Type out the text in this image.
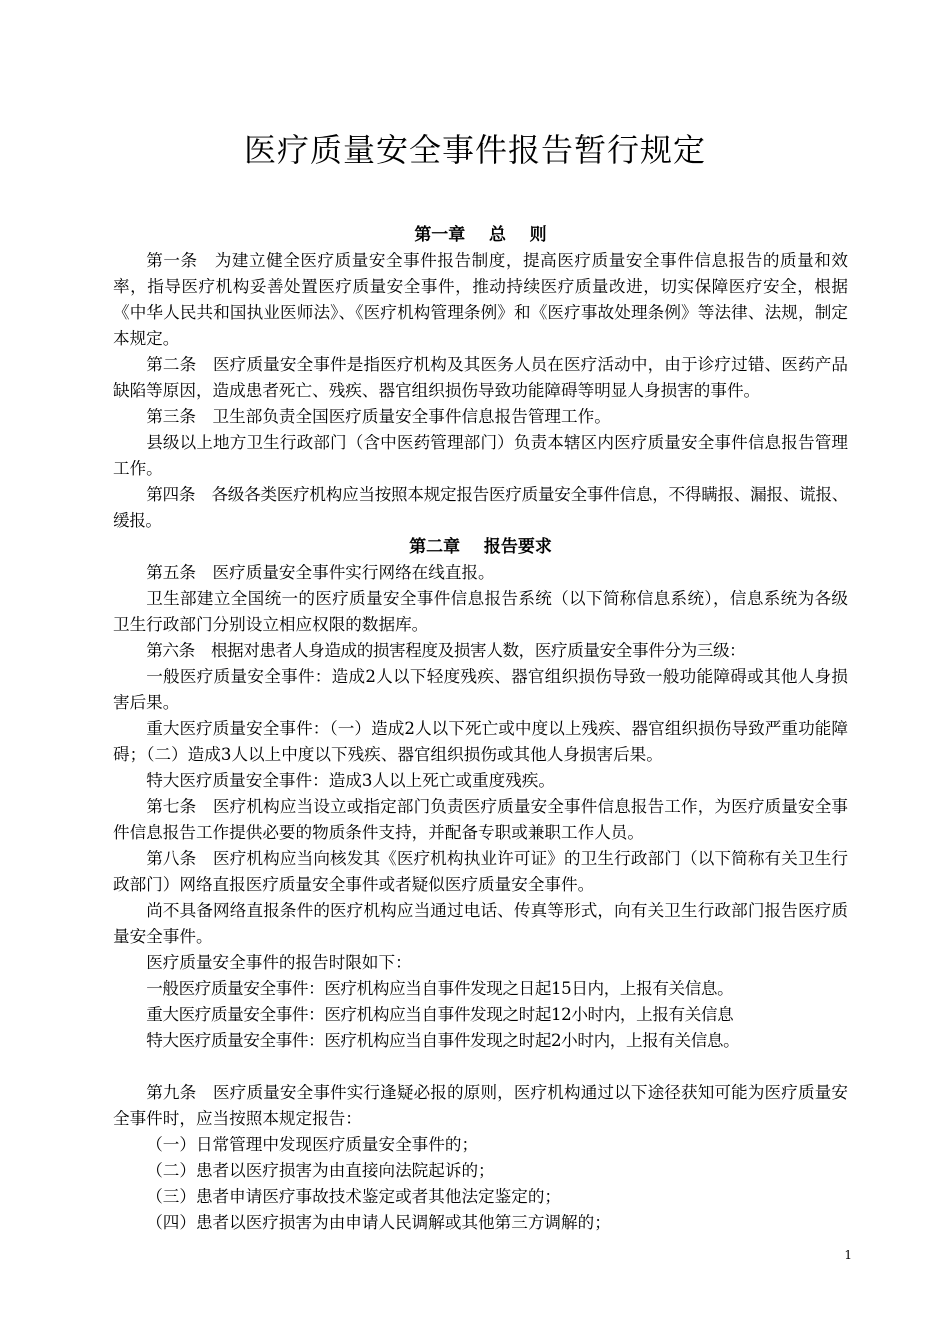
医疗质量安全事件报告暂行规定
第一章    总    则

第一条　为建立健全医疗质量安全事件报告制度，提高医疗质量安全事件信息报告的质量和效率，指导医疗机构妥善处置医疗质量安全事件，推动持续医疗质量改进，切实保障医疗安全，根据《中华人民共和国执业医师法》、《医疗机构管理条例》和《医疗事故处理条例》等法律、法规，制定本规定。

第二条　医疗质量安全事件是指医疗机构及其医务人员在医疗活动中，由于诊疗过错、医药产品缺陷等原因，造成患者死亡、残疾、器官组织损伤导致功能障碍等明显人身损害的事件。

第三条　卫生部负责全国医疗质量安全事件信息报告管理工作。

县级以上地方卫生行政部门（含中医药管理部门）负责本辖区内医疗质量安全事件信息报告管理工作。

第四条　各级各类医疗机构应当按照本规定报告医疗质量安全事件信息，不得瞒报、漏报、谎报、缓报。

第二章    报告要求

第五条　医疗质量安全事件实行网络在线直报。

卫生部建立全国统一的医疗质量安全事件信息报告系统（以下简称信息系统），信息系统为各级卫生行政部门分别设立相应权限的数据库。

第六条　根据对患者人身造成的损害程度及损害人数，医疗质量安全事件分为三级：

一般医疗质量安全事件：造成2人以下轻度残疾、器官组织损伤导致一般功能障碍或其他人身损害后果。

重大医疗质量安全事件：（一）造成2人以下死亡或中度以上残疾、器官组织损伤导致严重功能障碍；（二）造成3人以上中度以下残疾、器官组织损伤或其他人身损害后果。

特大医疗质量安全事件：造成3人以上死亡或重度残疾。

第七条　医疗机构应当设立或指定部门负责医疗质量安全事件信息报告工作，为医疗质量安全事件信息报告工作提供必要的物质条件支持，并配备专职或兼职工作人员。

第八条　医疗机构应当向核发其《医疗机构执业许可证》的卫生行政部门（以下简称有关卫生行政部门）网络直报医疗质量安全事件或者疑似医疗质量安全事件。

尚不具备网络直报条件的医疗机构应当通过电话、传真等形式，向有关卫生行政部门报告医疗质量安全事件。

医疗质量安全事件的报告时限如下：

一般医疗质量安全事件：医疗机构应当自事件发现之日起15日内，上报有关信息。

重大医疗质量安全事件：医疗机构应当自事件发现之时起12小时内，上报有关信息

特大医疗质量安全事件：医疗机构应当自事件发现之时起2小时内，上报有关信息。

第九条　医疗质量安全事件实行逢疑必报的原则，医疗机构通过以下途径获知可能为医疗质量安全事件时，应当按照本规定报告：

（一）日常管理中发现医疗质量安全事件的；

（二）患者以医疗损害为由直接向法院起诉的；

（三）患者申请医疗事故技术鉴定或者其他法定鉴定的；

（四）患者以医疗损害为由申请人民调解或其他第三方调解的；

1
